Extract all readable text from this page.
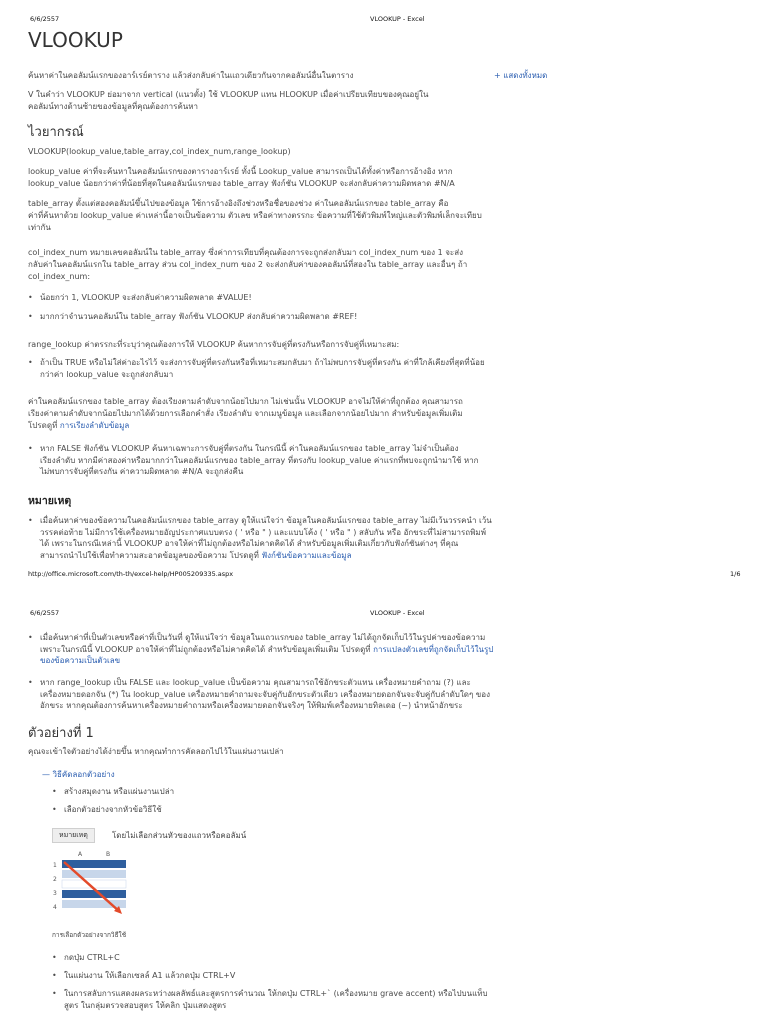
6/6/2557	VLOOKUP - Excel
VLOOKUP
ค้นหาค่าในคอลัมน์แรกของอาร์เรย์ตาราง แล้วส่งกลับค่าในแถวเดียวกันจากคอลัมน์อื่นในตาราง	+ แสดงทั้งหมด
V ในคำว่า VLOOKUP ย่อมาจาก vertical (แนวตั้ง) ใช้ VLOOKUP แทน HLOOKUP เมื่อค่าเปรียบเทียบของคุณอยู่ใน
คอลัมน์ทางด้านซ้ายของข้อมูลที่คุณต้องการค้นหา
ไวยากรณ์
VLOOKUP(lookup_value,table_array,col_index_num,range_lookup)
lookup_value ค่าที่จะค้นหาในคอลัมน์แรกของตารางอาร์เรย์ ทั้งนี้ Lookup_value สามารถเป็นได้ทั้งค่าหรือการอ้างอิง หาก
lookup_value น้อยกว่าค่าที่น้อยที่สุดในคอลัมน์แรกของ table_array ฟังก์ชัน VLOOKUP จะส่งกลับค่าความผิดพลาด #N/A
table_array ตั้งแต่สองคอลัมน์ขึ้นไปของข้อมูล ใช้การอ้างอิงถึงช่วงหรือชื่อของช่วง ค่าในคอลัมน์แรกของ table_array คือ
ค่าที่ค้นหาด้วย lookup_value ค่าเหล่านี้อาจเป็นข้อความ ตัวเลข หรือค่าทางตรรกะ ข้อความที่ใช้ตัวพิมพ์ใหญ่และตัวพิมพ์เล็กจะเทียบ
เท่ากัน
col_index_num หมายเลขคอลัมน์ใน table_array ซึ่งค่าการเทียบที่คุณต้องการจะถูกส่งกลับมา col_index_num ของ 1 จะส่ง
กลับค่าในคอลัมน์แรกใน table_array ส่วน col_index_num ของ 2 จะส่งกลับค่าของคอลัมน์ที่สองใน table_array และอื่นๆ ถ้า
col_index_num:
• น้อยกว่า 1, VLOOKUP จะส่งกลับค่าความผิดพลาด #VALUE!
• มากกว่าจำนวนคอลัมน์ใน table_array ฟังก์ชัน VLOOKUP ส่งกลับค่าความผิดพลาด #REF!
range_lookup ค่าตรรกะที่ระบุว่าคุณต้องการให้ VLOOKUP ค้นหาการจับคู่ที่ตรงกันหรือการจับคู่ที่เหมาะสม:
• ถ้าเป็น TRUE หรือไม่ใส่ค่าอะไรไว้ จะส่งการจับคู่ที่ตรงกันหรือที่เหมาะสมกลับมา ถ้าไม่พบการจับคู่ที่ตรงกัน ค่าที่ใกล้เคียงที่สุดที่น้อย
กว่าค่า lookup_value จะถูกส่งกลับมา
ค่าในคอลัมน์แรกของ table_array ต้องเรียงตามลำดับจากน้อยไปมาก ไม่เช่นนั้น VLOOKUP อาจไม่ให้ค่าที่ถูกต้อง คุณสามารถ
เรียงค่าตามลำดับจากน้อยไปมากได้ด้วยการเลือกคำสั่ง เรียงลำดับ จากเมนูข้อมูล และเลือกจากน้อยไปมาก สำหรับข้อมูลเพิ่มเติม
โปรดดูที่ การเรียงลำดับข้อมูล
• หาก FALSE ฟังก์ชัน VLOOKUP ค้นหาเฉพาะการจับคู่ที่ตรงกัน ในกรณีนี้ ค่าในคอลัมน์แรกของ table_array ไม่จำเป็นต้อง
เรียงลำดับ หากมีค่าสองค่าหรือมากกว่าในคอลัมน์แรกของ table_array ที่ตรงกับ lookup_value ค่าแรกที่พบจะถูกนำมาใช้ หาก
ไม่พบการจับคู่ที่ตรงกัน ค่าความผิดพลาด #N/A จะถูกส่งคืน
หมายเหตุ
• เมื่อค้นหาค่าของข้อความในคอลัมน์แรกของ table_array ดูให้แน่ใจว่า ข้อมูลในคอลัมน์แรกของ table_array ไม่มีเว้นวรรคนำ เว้น
วรรคต่อท้าย ไม่มีการใช้เครื่องหมายอัญประกาศแบบตรง ( ' หรือ " ) และแบบโค้ง ( ' หรือ " ) สลับกัน หรือ อักขระที่ไม่สามารถพิมพ์
ได้ เพราะในกรณีเหล่านี้ VLOOKUP อาจให้ค่าที่ไม่ถูกต้องหรือไม่คาดคิดได้ สำหรับข้อมูลเพิ่มเติมเกี่ยวกับฟังก์ชันต่างๆ ที่คุณ
สามารถนำไปใช้เพื่อทำความสะอาดข้อมูลของข้อความ โปรดดูที่ ฟังก์ชันข้อความและข้อมูล
http://office.microsoft.com/th-th/excel-help/HP005209335.aspx	1/6
6/6/2557	VLOOKUP - Excel
• เมื่อค้นหาค่าที่เป็นตัวเลขหรือค่าที่เป็นวันที่ ดูให้แน่ใจว่า ข้อมูลในแถวแรกของ table_array ไม่ได้ถูกจัดเก็บไว้ในรูปค่าของข้อความ
เพราะในกรณีนี้ VLOOKUP อาจให้ค่าที่ไม่ถูกต้องหรือไม่คาดคิดได้ สำหรับข้อมูลเพิ่มเติม โปรดดูที่ การแปลงตัวเลขที่ถูกจัดเก็บไว้ในรูป
ของข้อความเป็นตัวเลข
• หาก range_lookup เป็น FALSE และ lookup_value เป็นข้อความ คุณสามารถใช้อักขระตัวแทน เครื่องหมายคำถาม (?) และ
เครื่องหมายดอกจัน (*) ใน lookup_value เครื่องหมายคำถามจะจับคู่กับอักขระตัวเดียว เครื่องหมายดอกจันจะจับคู่กับลำดับใดๆ ของ
อักขระ หากคุณต้องการค้นหาเครื่องหมายคำถามหรือเครื่องหมายดอกจันจริงๆ ให้พิมพ์เครื่องหมายทิลเดอ (~) นำหน้าอักขระ
ตัวอย่างที่ 1
คุณจะเข้าใจตัวอย่างได้ง่ายขึ้น หากคุณทำการคัดลอกไปไว้ในแผ่นงานเปล่า
— วิธีคัดลอกตัวอย่าง
• สร้างสมุดงาน หรือแผ่นงานเปล่า
• เลือกตัวอย่างจากหัวข้อวิธีใช้
หมายเหตุ	โดยไม่เลือกส่วนหัวของแถวหรือคอลัมน์
A	B
1
2
3
4
การเลือกตัวอย่างจากวิธีใช้
• กดปุ่ม CTRL+C
• ในแผ่นงาน ให้เลือกเซลล์ A1 แล้วกดปุ่ม CTRL+V
• ในการสลับการแสดงผลระหว่างผลลัพธ์และสูตรการคำนวณ ให้กดปุ่ม CTRL+` (เครื่องหมาย grave accent) หรือไปบนแท็บ
สูตร ในกลุ่มตรวจสอบสูตร ให้คลิก ปุ่มแสดงสูตร
